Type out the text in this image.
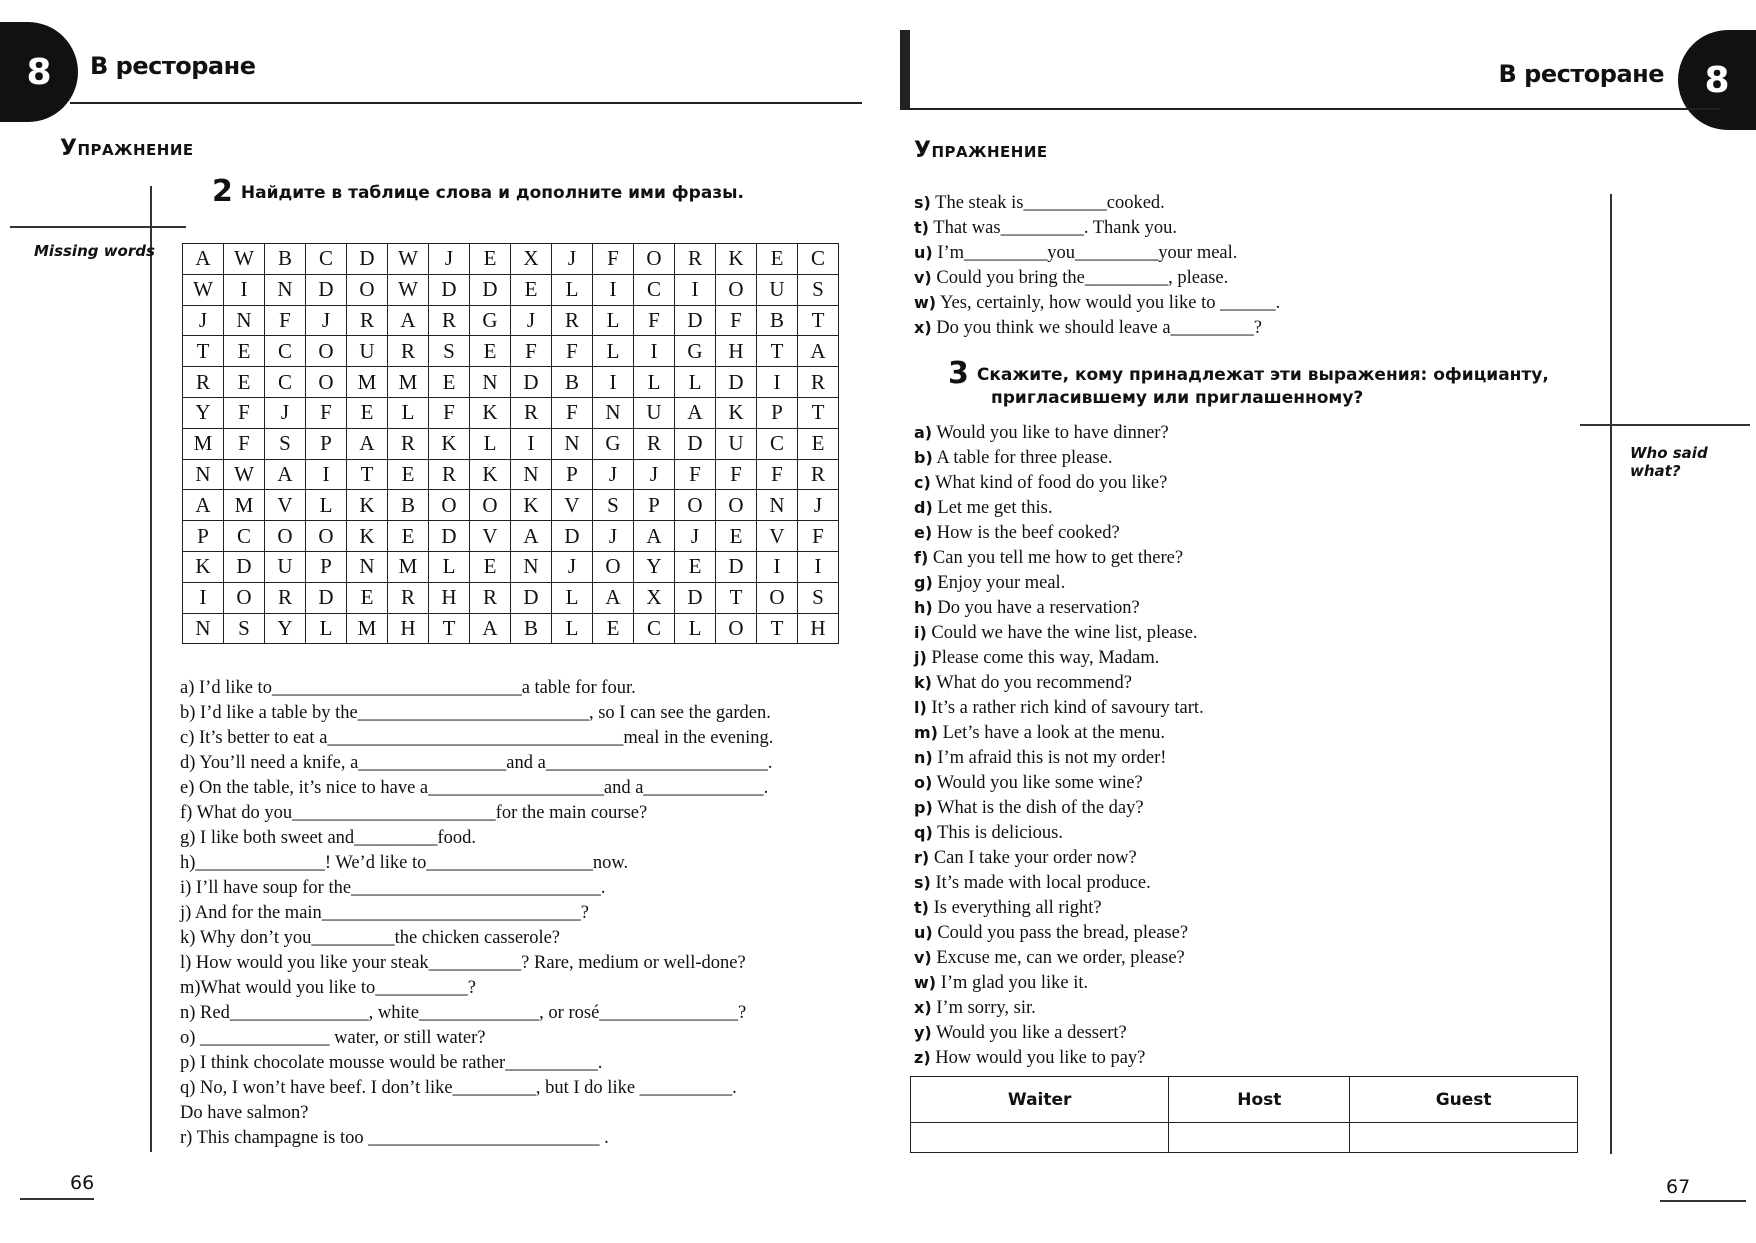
8	В ресторане
Упражнение
Missing words
2 Найдите в таблице слова и дополните ими фразы.
A	W	B	C	D	W	J	E	X	J	F	O	R	K	E	C
W	I	N	D	O	W	D	D	E	L	I	C	I	O	U	S
J	N	F	J	R	A	R	G	J	R	L	F	D	F	B	T
T	E	C	O	U	R	S	E	F	F	L	I	G	H	T	A
R	E	C	O	M	M	E	N	D	B	I	L	L	D	I	R
Y	F	J	F	E	L	F	K	R	F	N	U	A	K	P	T
M	F	S	P	A	R	K	L	I	N	G	R	D	U	C	E
N	W	A	I	T	E	R	K	N	P	J	J	F	F	F	R
A	M	V	L	K	B	O	O	K	V	S	P	O	O	N	J
P	C	O	O	K	E	D	V	A	D	J	A	J	E	V	F
K	D	U	P	N	M	L	E	N	J	O	Y	E	D	I	I
I	O	R	D	E	R	H	R	D	L	A	X	D	T	O	S
N	S	Y	L	M	H	T	A	B	L	E	C	L	O	T	H
a) I’d like to___________________________a table for four.
b) I’d like a table by the_________________________, so I can see the garden.
c) It’s better to eat a________________________________meal in the evening.
d) You’ll need a knife, a________________and a________________________.
e) On the table, it’s nice to have a___________________and a_____________.
f) What do you______________________for the main course?
g) I like both sweet and_________food.
h)______________! We’d like to__________________now.
i) I’ll have soup for the___________________________.
j) And for the main____________________________?
k) Why don’t you_________the chicken casserole?
l) How would you like your steak__________? Rare, medium or well-done?
m)What would you like to__________?
n) Red_______________, white_____________, or rosé_______________?
o) ______________ water, or still water?
p) I think chocolate mousse would be rather__________.
q) No, I won’t have beef. I don’t like_________, but I do like __________.
Do have salmon?
r) This champagne is too _________________________ .
66
8
В ресторане
Упражнение
s) The steak is_________cooked.
t) That was_________. Thank you.
u) I’m_________you_________your meal.
v) Could you bring the_________, please.
w) Yes, certainly, how would you like to ______.
x) Do you think we should leave a_________?
3 Скажите, кому принадлежат эти выражения: официанту,
пригласившему или приглашенному?
Who said what?
a) Would you like to have dinner?
b) A table for three please.
c) What kind of food do you like?
d) Let me get this.
e) How is the beef cooked?
f) Can you tell me how to get there?
g) Enjoy your meal.
h) Do you have a reservation?
i) Could we have the wine list, please.
j) Please come this way, Madam.
k) What do you recommend?
l) It’s a rather rich kind of savoury tart.
m) Let’s have a look at the menu.
n) I’m afraid this is not my order!
o) Would you like some wine?
p) What is the dish of the day?
q) This is delicious.
r) Can I take your order now?
s) It’s made with local produce.
t) Is everything all right?
u) Could you pass the bread, please?
v) Excuse me, can we order, please?
w) I’m glad you like it.
x) I’m sorry, sir.
y) Would you like a dessert?
z) How would you like to pay?
67
Waiter	Host	Guest
